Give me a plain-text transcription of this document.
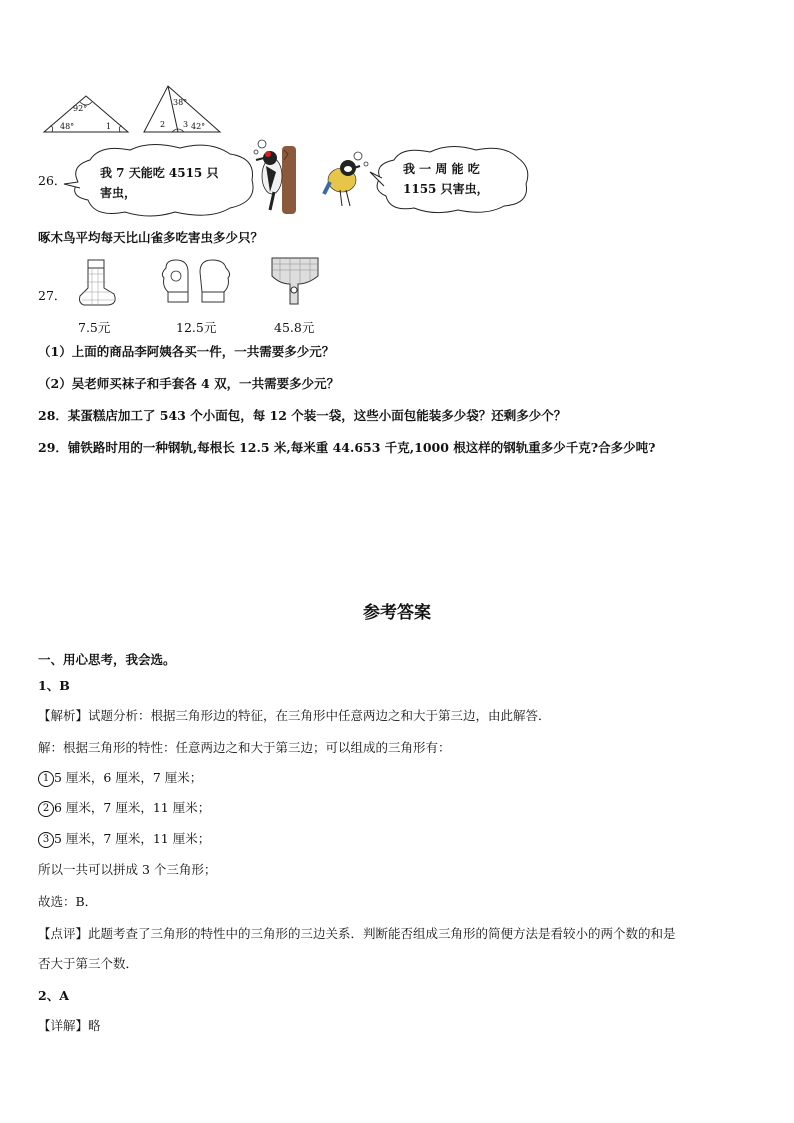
92°
48°	1
38°
2 3 42°
26．	我 7 天能吃 4515 只
害虫，
我 一 周 能 吃
1155 只害虫，
啄木鸟平均每天比山雀多吃害虫多少只？
27．
7.5元	12.5元	45.8元
（1）上面的商品李阿姨各买一件，一共需要多少元？
（2）吴老师买袜子和手套各 4 双，一共需要多少元？
28．某蛋糕店加工了 543 个小面包，每 12 个装一袋，这些小面包能装多少袋？还剩多少个？
29．铺铁路时用的一种钢轨,每根长 12.5 米,每米重 44.653 千克,1000 根这样的钢轨重多少千克?合多少吨?
参考答案
一、用心思考，我会选。
1、B
【解析】试题分析：根据三角形边的特征，在三角形中任意两边之和大于第三边，由此解答．
解：根据三角形的特性：任意两边之和大于第三边；可以组成的三角形有：
1 5 厘米，6 厘米，7 厘米；
2 6 厘米，7 厘米，11 厘米；
3 5 厘米，7 厘米，11 厘米；
所以一共可以拼成 3 个三角形；
故选：B．
【点评】此题考查了三角形的特性中的三角形的三边关系．判断能否组成三角形的简便方法是看较小的两个数的和是
否大于第三个数．
2、A
【详解】略
